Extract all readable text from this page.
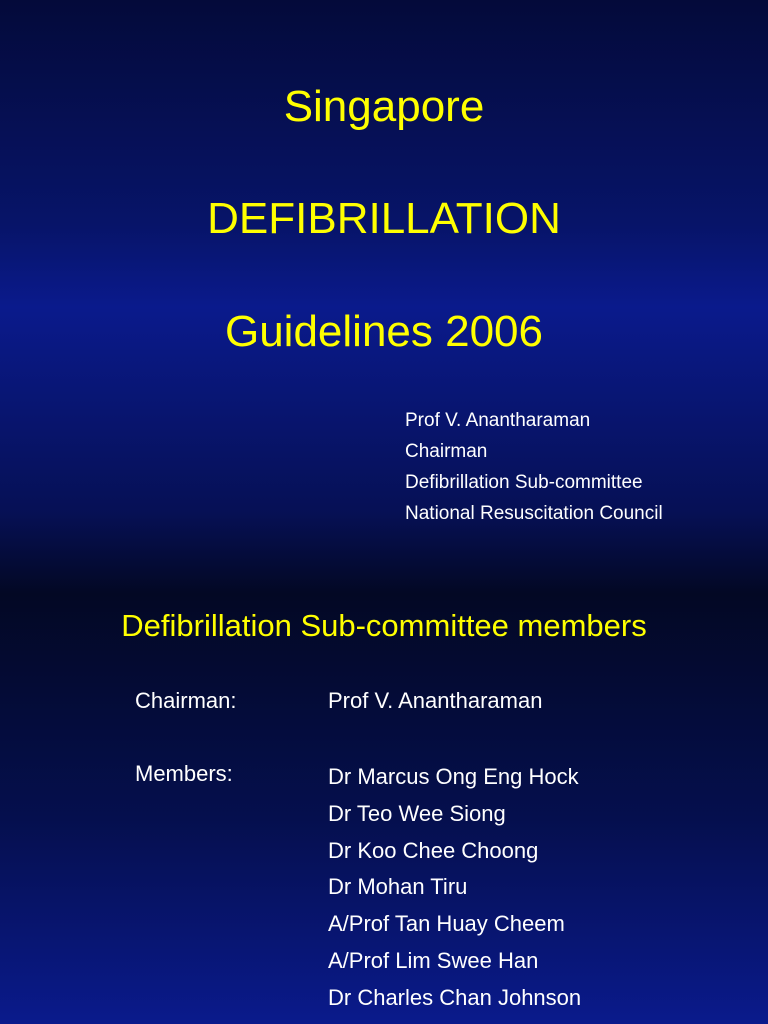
Singapore
DEFIBRILLATION
Guidelines 2006
Prof V. Anantharaman
Chairman
Defibrillation Sub-committee
National Resuscitation Council
Defibrillation Sub-committee members
Chairman:	Prof V. Anantharaman
Members:	Dr Marcus Ong Eng Hock
Dr Teo Wee Siong
Dr Koo Chee Choong
Dr Mohan Tiru
A/Prof Tan Huay Cheem
A/Prof Lim Swee Han
Dr Charles Chan Johnson
